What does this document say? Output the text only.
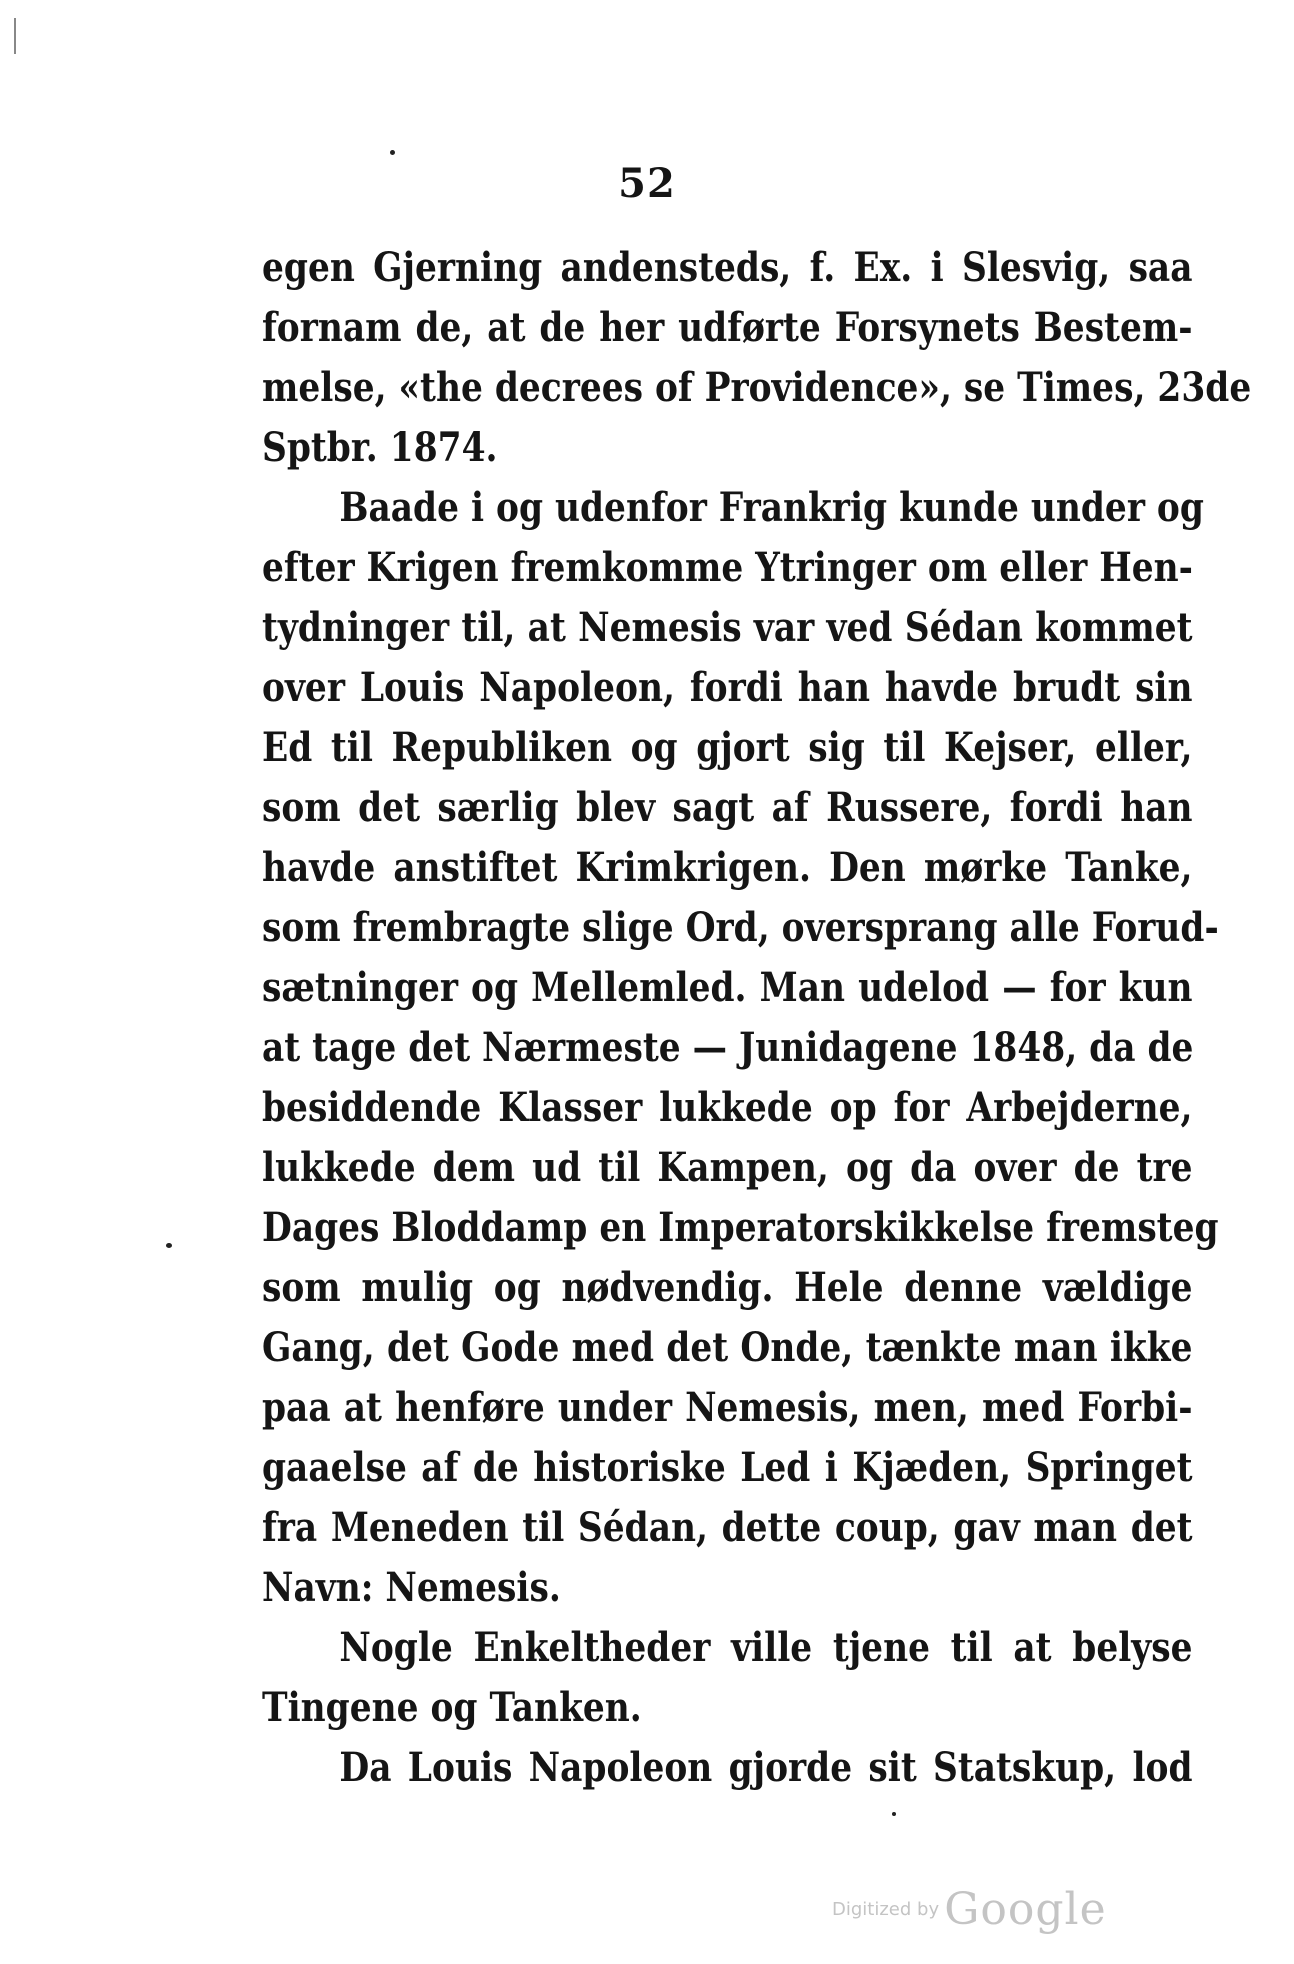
52
egen Gjerning andensteds, f. Ex. i Slesvig, saa
fornam de, at de her udførte Forsynets Bestem-
melse, «the decrees of Providence», se Times, 23de
Sptbr. 1874.
Baade i og udenfor Frankrig kunde under og
efter Krigen fremkomme Ytringer om eller Hen-
tydninger til, at Nemesis var ved Sédan kommet
over Louis Napoleon, fordi han havde brudt sin
Ed til Republiken og gjort sig til Kejser, eller,
som det særlig blev sagt af Russere, fordi han
havde anstiftet Krimkrigen. Den mørke Tanke,
som frembragte slige Ord, oversprang alle Forud-
sætninger og Mellemled. Man udelod — for kun
at tage det Nærmeste — Junidagene 1848, da de
besiddende Klasser lukkede op for Arbejderne,
lukkede dem ud til Kampen, og da over de tre
Dages Bloddamp en Imperatorskikkelse fremsteg
som mulig og nødvendig. Hele denne vældige
Gang, det Gode med det Onde, tænkte man ikke
paa at henføre under Nemesis, men, med Forbi-
gaaelse af de historiske Led i Kjæden, Springet
fra Meneden til Sédan, dette coup, gav man det
Navn: Nemesis.
Nogle Enkeltheder ville tjene til at belyse
Tingene og Tanken.
Da Louis Napoleon gjorde sit Statskup, lod
Digitized by Google
